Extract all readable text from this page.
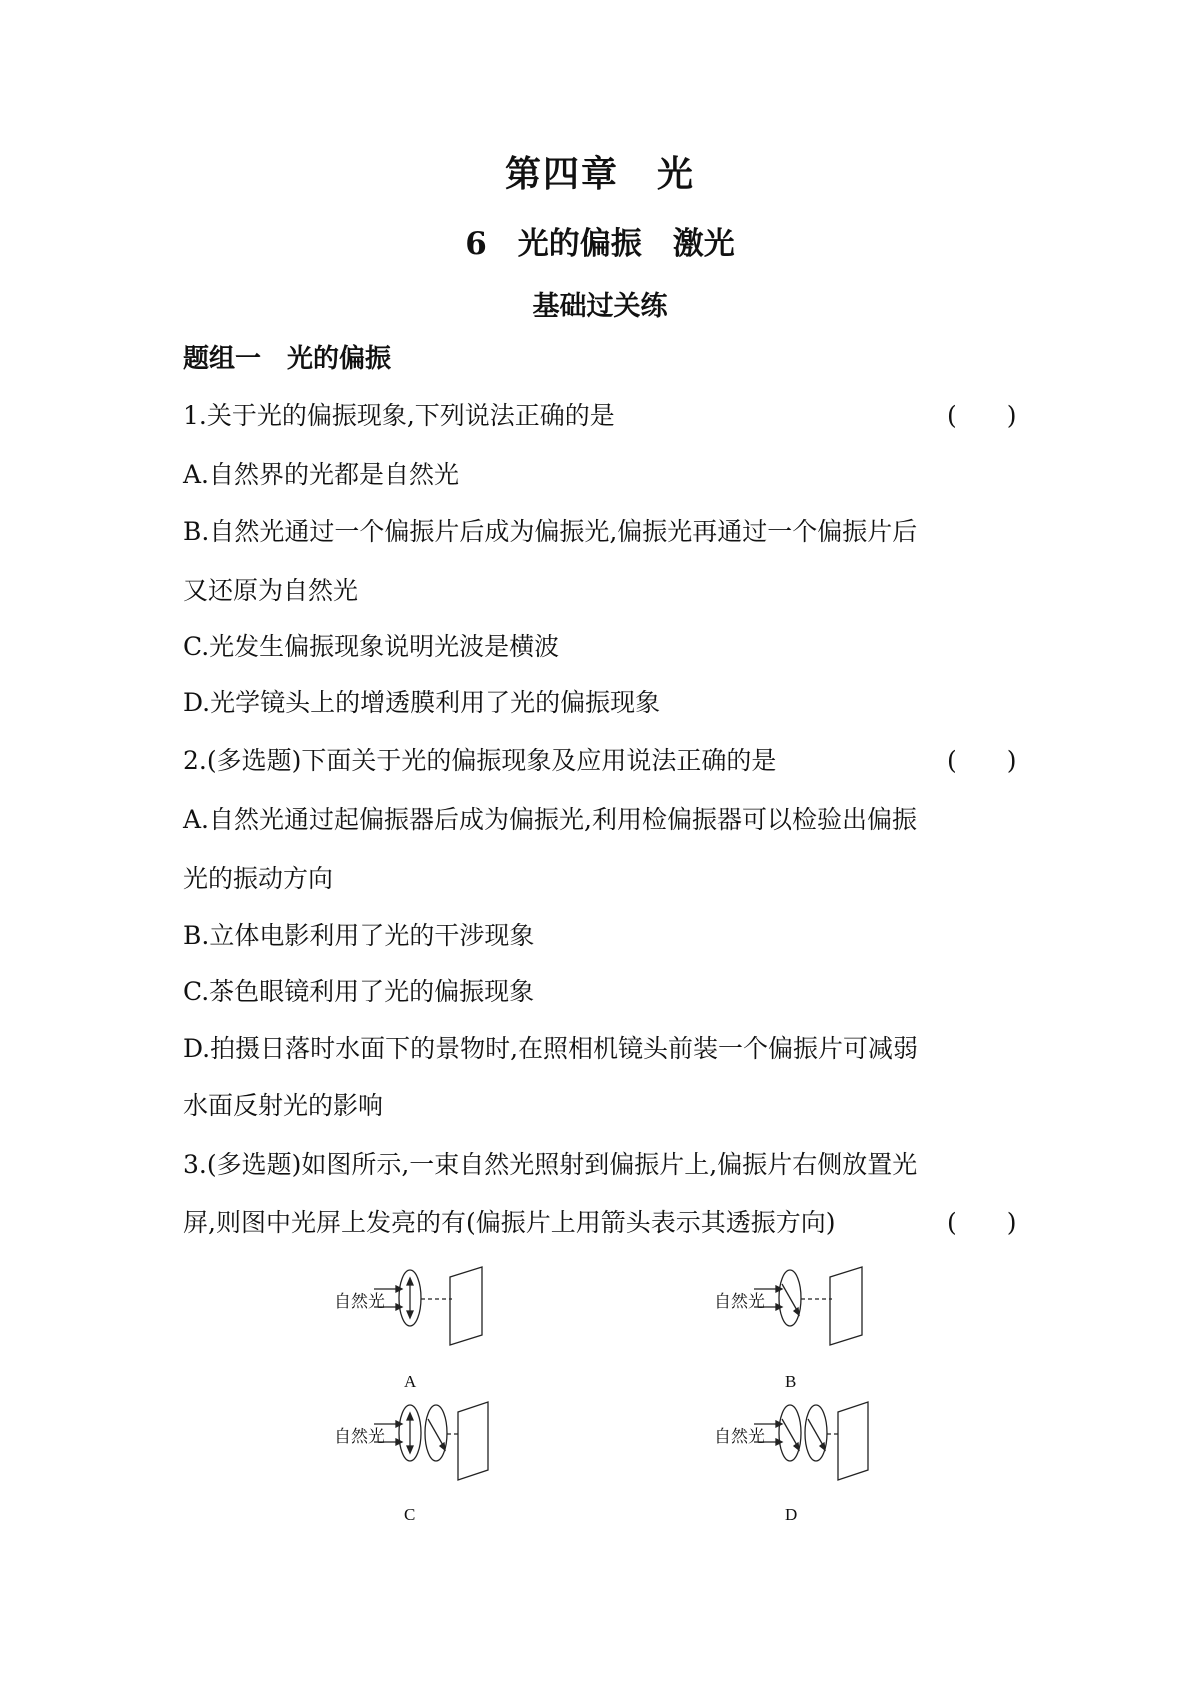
第四章　光
6　光的偏振　激光
基础过关练
题组一　光的偏振
1.关于光的偏振现象,下列说法正确的是	(　　)
A.自然界的光都是自然光
B.自然光通过一个偏振片后成为偏振光,偏振光再通过一个偏振片后
又还原为自然光
C.光发生偏振现象说明光波是横波
D.光学镜头上的增透膜利用了光的偏振现象
2.(多选题)下面关于光的偏振现象及应用说法正确的是	(　　)
A.自然光通过起偏振器后成为偏振光,利用检偏振器可以检验出偏振
光的振动方向
B.立体电影利用了光的干涉现象
C.茶色眼镜利用了光的偏振现象
D.拍摄日落时水面下的景物时,在照相机镜头前装一个偏振片可减弱
水面反射光的影响
3.(多选题)如图所示,一束自然光照射到偏振片上,偏振片右侧放置光
屏,则图中光屏上发亮的有(偏振片上用箭头表示其透振方向)	(　　)
自然光
A
自然光
B
自然光
C
自然光
D
